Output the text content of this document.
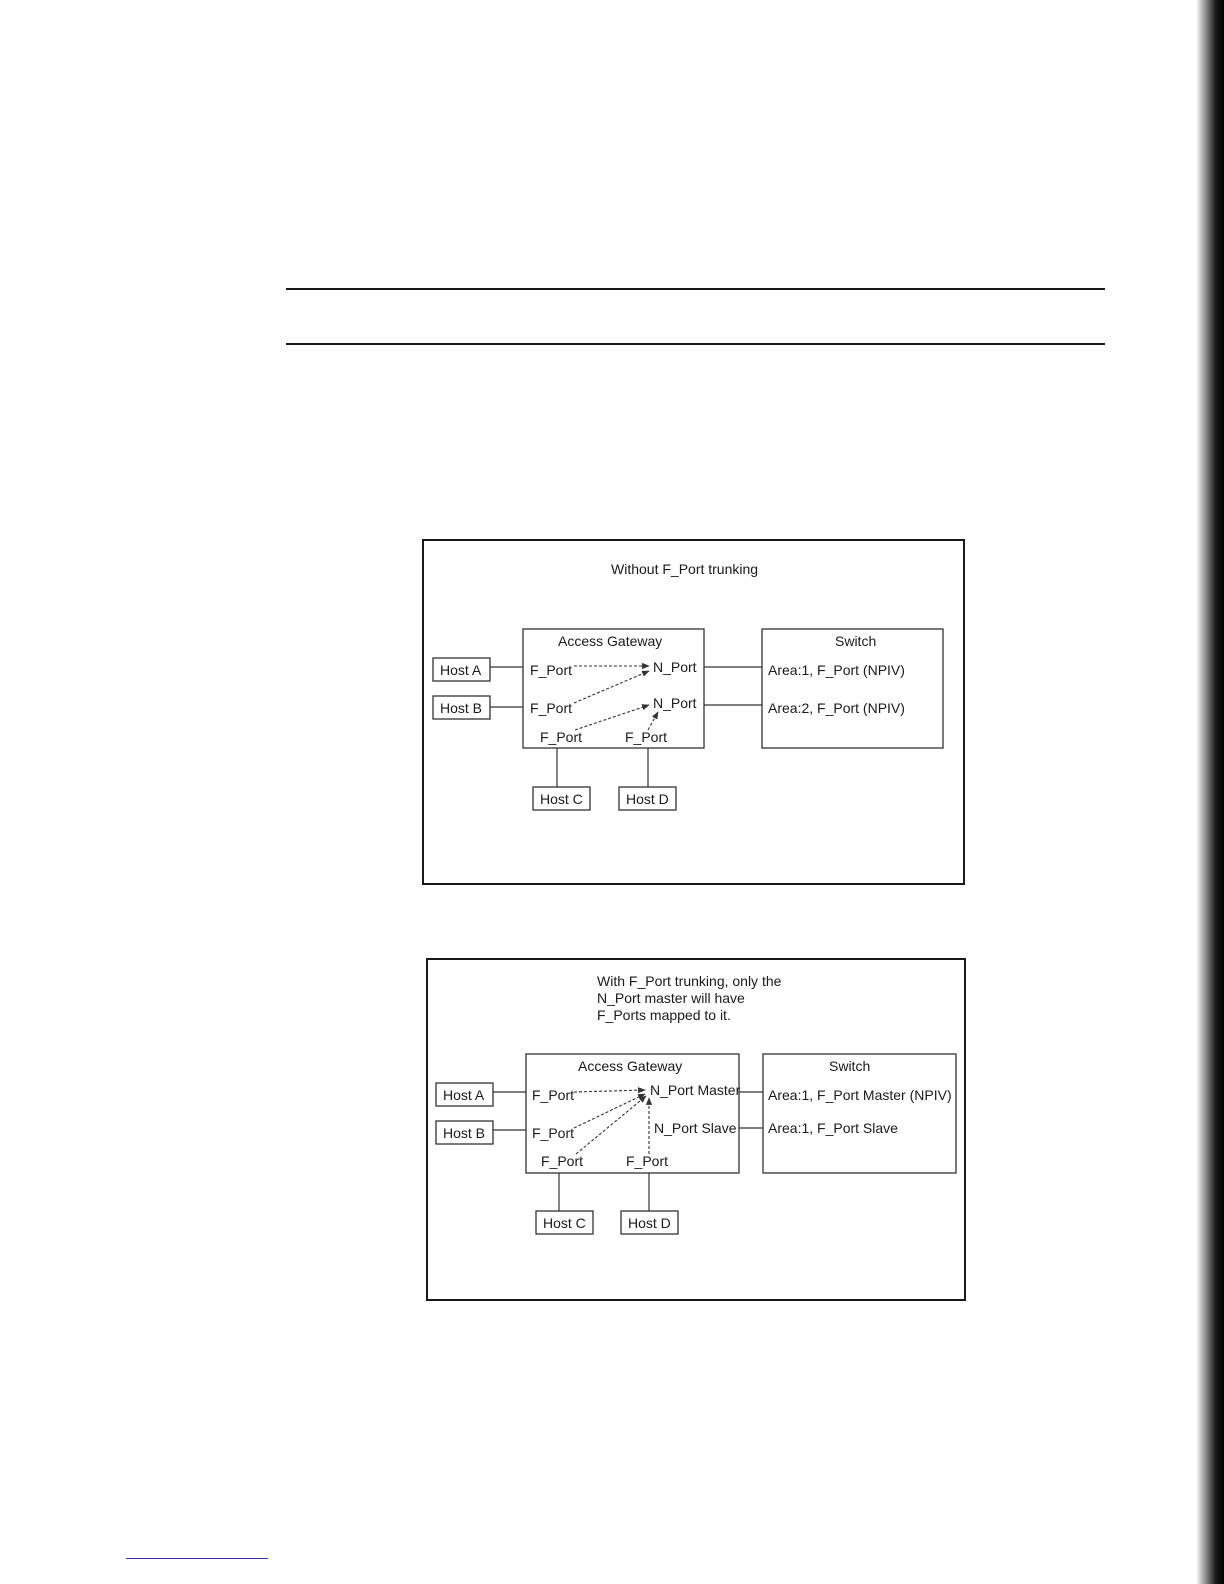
Without F_Port trunking
Access Gateway	Switch
Host A
Host B
Host C	Host D
F_Port
F_Port
F_Port	F_Port
N_Port
N_Port
Area:1, F_Port (NPIV)
Area:2, F_Port (NPIV)
With F_Port trunking, only the
N_Port master will have
F_Ports mapped to it.
Access Gateway	Switch
Host A
Host B
Host C	Host D
F_Port
F_Port
F_Port	F_Port
N_Port Master
N_Port Slave
Area:1, F_Port Master (NPIV)
Area:1, F_Port Slave
